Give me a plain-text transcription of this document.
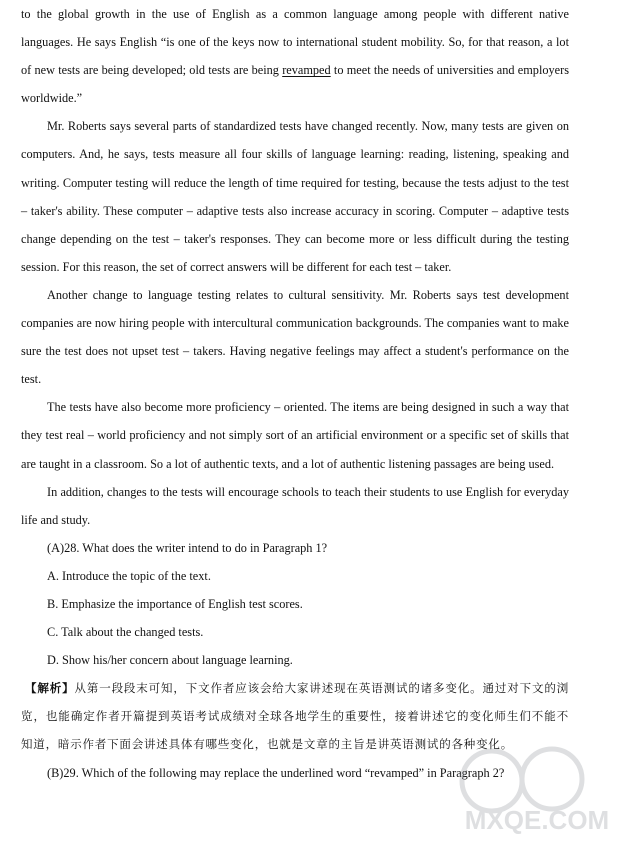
to the global growth in the use of English as a common language among people with different native languages. He says English “is one of the keys now to international student mobility. So, for that reason, a lot of new tests are being developed; old tests are being revamped to meet the needs of universities and employers worldwide.”

Mr. Roberts says several parts of standardized tests have changed recently. Now, many tests are given on computers. And, he says, tests measure all four skills of language learning: reading, listening, speaking and writing. Computer testing will reduce the length of time required for testing, because the tests adjust to the test – taker's ability. These computer – adaptive tests also increase accuracy in scoring. Computer – adaptive tests change depending on the test – taker's responses. They can become more or less difficult during the testing session. For this reason, the set of correct answers will be different for each test – taker.

Another change to language testing relates to cultural sensitivity. Mr. Roberts says test development companies are now hiring people with intercultural communication backgrounds. The companies want to make sure the test does not upset test – takers. Having negative feelings may affect a student's performance on the test.

The tests have also become more proficiency – oriented. The items are being designed in such a way that they test real – world proficiency and not simply sort of an artificial environment or a specific set of skills that are taught in a classroom. So a lot of authentic texts, and a lot of authentic listening passages are being used.

In addition, changes to the tests will encourage schools to teach their students to use English for everyday life and study.

(A)28. What does the writer intend to do in Paragraph 1?

A. Introduce the topic of the text.

B. Emphasize the importance of English test scores.

C. Talk about the changed tests.

D. Show his/her concern about language learning.

【解析】从第一段段末可知，下文作者应该会给大家讲述现在英语测试的诸多变化。通过对下文的浏览，也能确定作者开篇提到英语考试成绩对全球各地学生的重要性，接着讲述它的变化师生们不能不知道，暗示作者下面会讲述具体有哪些变化，也就是文章的主旨是讲英语测试的各种变化。

(B)29. Which of the following may replace the underlined word “revamped” in Paragraph 2?

MXQE.COM
